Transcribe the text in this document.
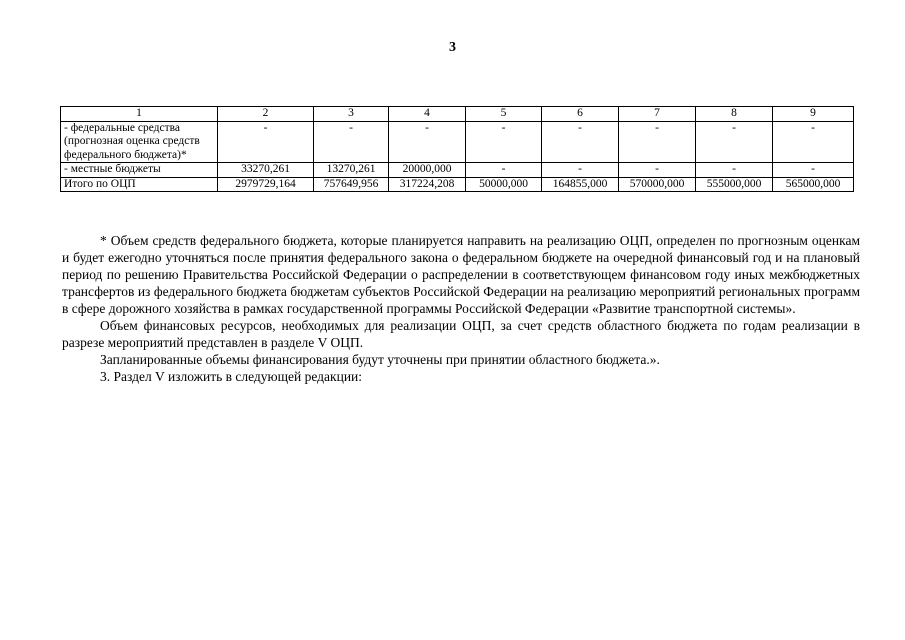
3
1	2	3	4	5	6	7	8	9
- федеральные средства (прогнозная оценка средств федерального бюджета)*	-	-	-	-	-	-	-	-
- местные бюджеты	33270,261	13270,261	20000,000	-	-	-	-	-
Итого по ОЦП	2979729,164	757649,956	317224,208	50000,000	164855,000	570000,000	555000,000	565000,000

* Объем средств федерального бюджета, которые планируется направить на реализацию ОЦП, определен по прогнозным оценкам и будет ежегодно уточняться после принятия федерального закона о федеральном бюджете на очередной финансовый год и на плановый период по решению Правительства Российской Федерации о распределении в соответствующем финансовом году иных межбюджетных трансфертов из федерального бюджета бюджетам субъектов Российской Федерации на реализацию мероприятий региональных программ в сфере дорожного хозяйства в рамках государственной программы Российской Федерации «Развитие транспортной системы».

Объем финансовых ресурсов, необходимых для реализации ОЦП, за счет средств областного бюджета по годам реализации в разрезе мероприятий представлен в разделе V ОЦП.

Запланированные объемы финансирования будут уточнены при принятии областного бюджета.».

3. Раздел V изложить в следующей редакции:
